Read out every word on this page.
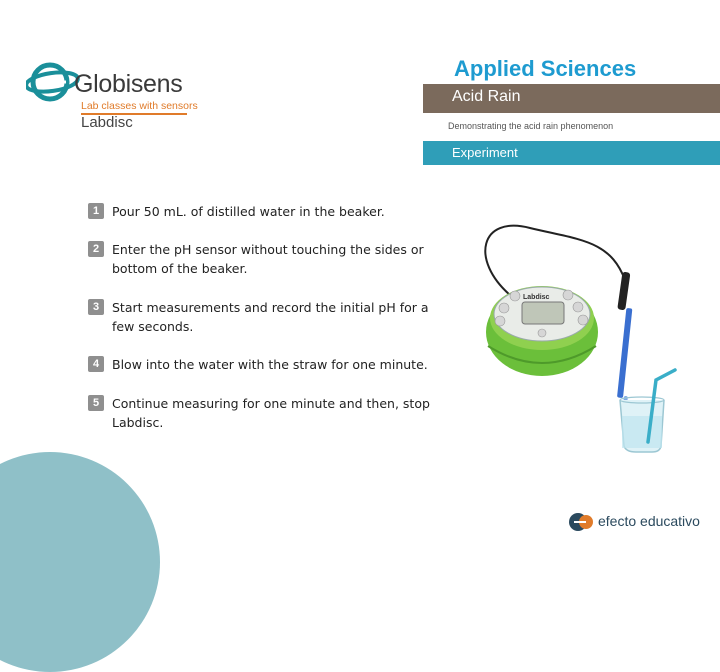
Globisens
Lab classes with sensors
Labdisc
Applied Sciences
Acid Rain
Demonstrating the acid rain phenomenon
Experiment
1	Pour 50 mL. of distilled water in the beaker.
2	Enter the pH sensor without touching the sides or bottom of the beaker.
3	Start measurements and record the initial pH for a few seconds.
4	Blow into the water with the straw for one minute.
5	Continue measuring for one minute and then, stop Labdisc.
Labdisc
efecto educativo
